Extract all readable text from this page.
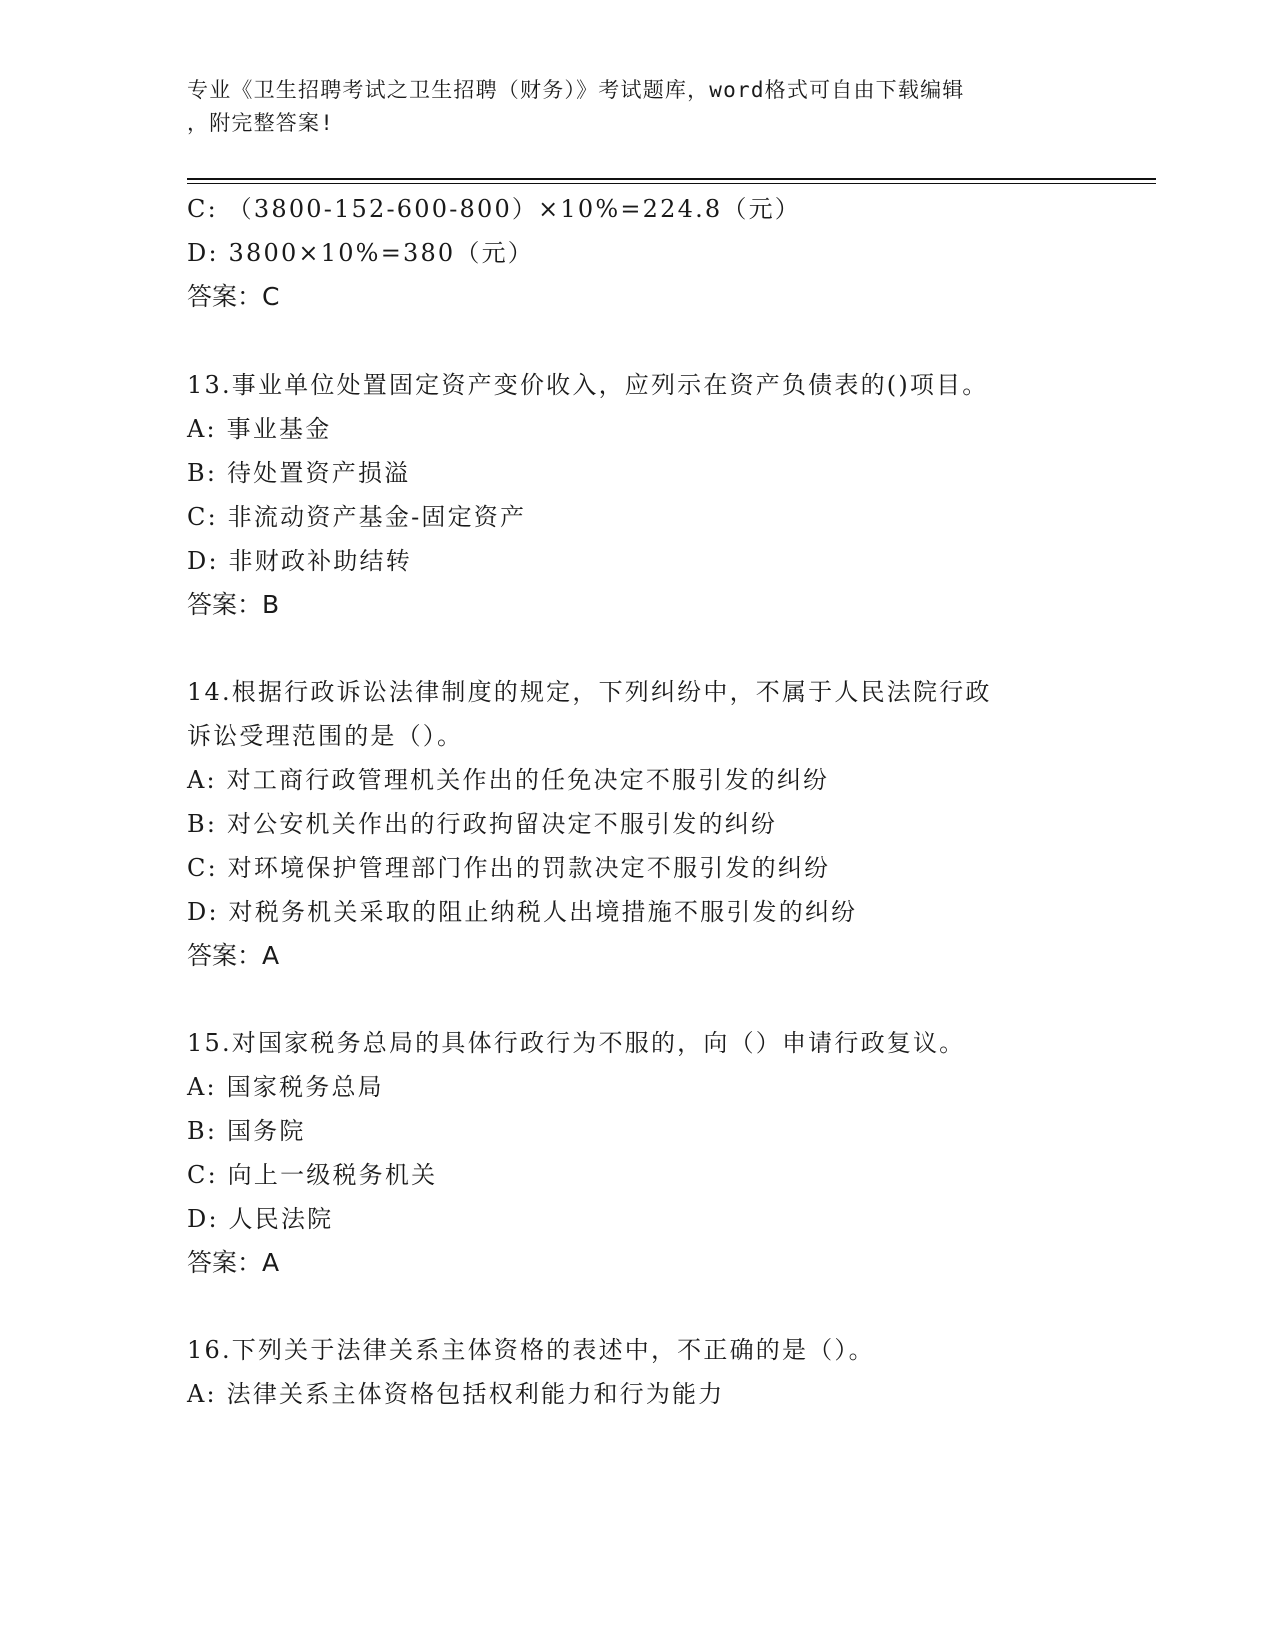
专业《卫生招聘考试之卫生招聘（财务）》考试题库，word格式可自由下载编辑
，附完整答案!
C: （3800-152-600-800）×10%=224.8（元）
D: 3800×10%=380（元）
答案：C
13.事业单位处置固定资产变价收入，应列示在资产负债表的()项目。
A: 事业基金
B: 待处置资产损溢
C: 非流动资产基金-固定资产
D: 非财政补助结转
答案：B
14.根据行政诉讼法律制度的规定，下列纠纷中，不属于人民法院行政
诉讼受理范围的是（）。
A: 对工商行政管理机关作出的任免决定不服引发的纠纷
B: 对公安机关作出的行政拘留决定不服引发的纠纷
C: 对环境保护管理部门作出的罚款决定不服引发的纠纷
D: 对税务机关采取的阻止纳税人出境措施不服引发的纠纷
答案：A
15.对国家税务总局的具体行政行为不服的，向（）申请行政复议。
A: 国家税务总局
B: 国务院
C: 向上一级税务机关
D: 人民法院
答案：A
16.下列关于法律关系主体资格的表述中，不正确的是（）。
A: 法律关系主体资格包括权利能力和行为能力
